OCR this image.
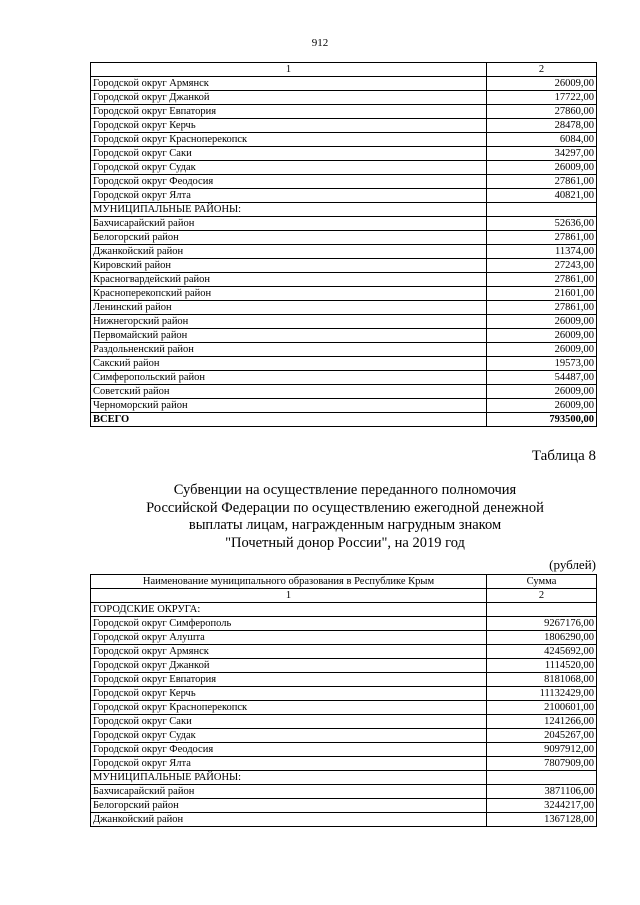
912
1	2
Городской округ Армянск	26009,00
Городской округ Джанкой	17722,00
Городской округ Евпатория	27860,00
Городской округ Керчь	28478,00
Городской округ Красноперекопск	6084,00
Городской округ Саки	34297,00
Городской округ Судак	26009,00
Городской округ Феодосия	27861,00
Городской округ Ялта	40821,00
МУНИЦИПАЛЬНЫЕ РАЙОНЫ:	
Бахчисарайский район	52636,00
Белогорский район	27861,00
Джанкойский район	11374,00
Кировский район	27243,00
Красногвардейский район	27861,00
Красноперекопский район	21601,00
Ленинский район	27861,00
Нижнегорский район	26009,00
Первомайский район	26009,00
Раздольненский район	26009,00
Сакский район	19573,00
Симферопольский район	54487,00
Советский район	26009,00
Черноморский район	26009,00
ВСЕГО	793500,00
Таблица 8
Субвенции на осуществление переданного полномочия
Российской Федерации по осуществлению ежегодной денежной
выплаты лицам, награжденным нагрудным знаком
"Почетный донор России", на 2019 год
(рублей)
Наименование муниципального образования в Республике Крым	Сумма
1	2
ГОРОДСКИЕ ОКРУГА:	
Городской округ Симферополь	9267176,00
Городской округ Алушта	1806290,00
Городской округ Армянск	4245692,00
Городской округ Джанкой	1114520,00
Городской округ Евпатория	8181068,00
Городской округ Керчь	11132429,00
Городской округ Красноперекопск	2100601,00
Городской округ Саки	1241266,00
Городской округ Судак	2045267,00
Городской округ Феодосия	9097912,00
Городской округ Ялта	7807909,00
МУНИЦИПАЛЬНЫЕ РАЙОНЫ:	
Бахчисарайский район	3871106,00
Белогорский район	3244217,00
Джанкойский район	1367128,00
